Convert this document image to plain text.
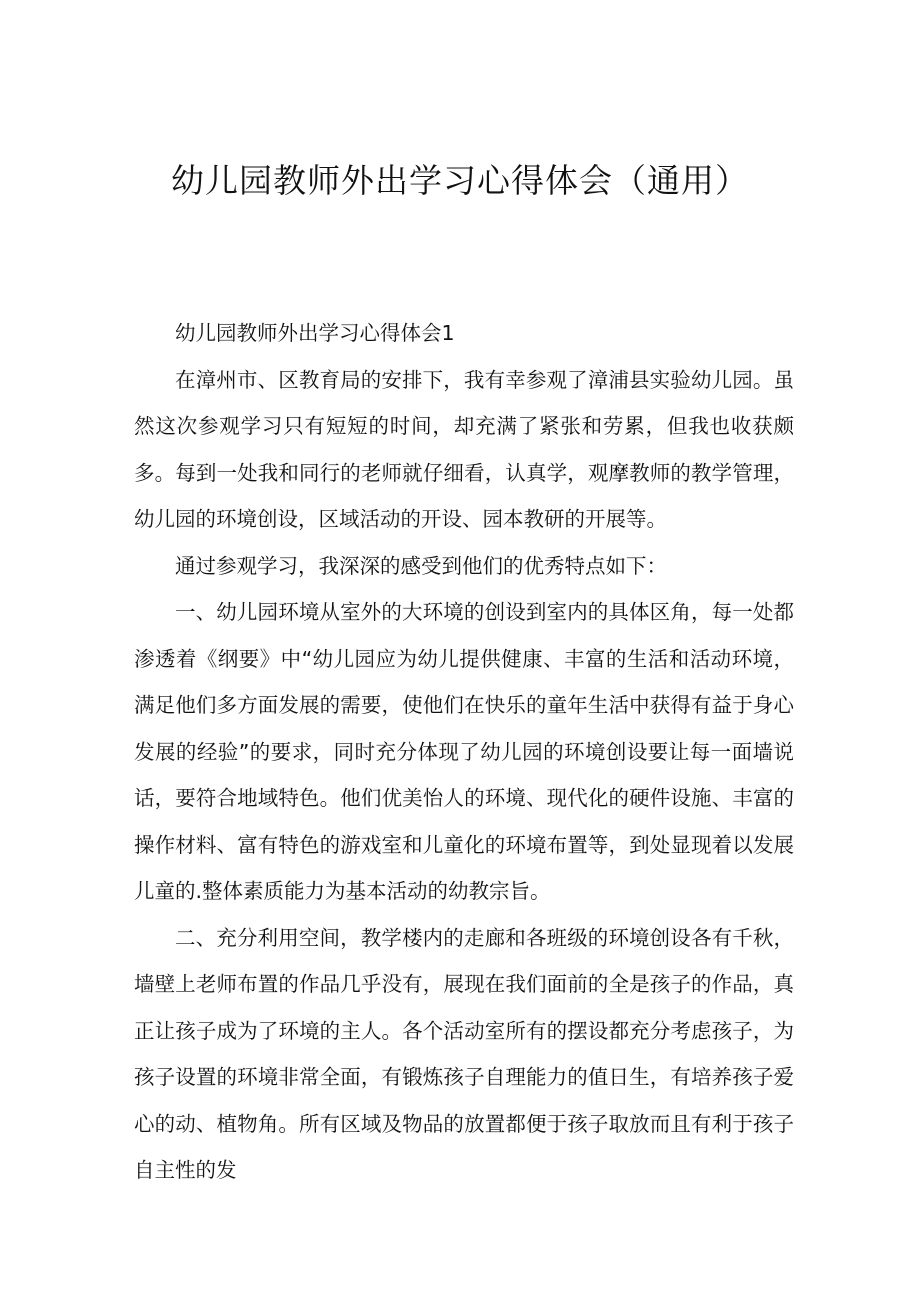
幼儿园教师外出学习心得体会（通用）

幼儿园教师外出学习心得体会1

在漳州市、区教育局的安排下，我有幸参观了漳浦县实验幼儿园。虽然这次参观学习只有短短的时间，却充满了紧张和劳累，但我也收获颇多。每到一处我和同行的老师就仔细看，认真学，观摩教师的教学管理，幼儿园的环境创设，区域活动的开设、园本教研的开展等。

通过参观学习，我深深的感受到他们的优秀特点如下：

一、幼儿园环境从室外的大环境的创设到室内的具体区角，每一处都渗透着《纲要》中“幼儿园应为幼儿提供健康、丰富的生活和活动环境，满足他们多方面发展的需要，使他们在快乐的童年生活中获得有益于身心发展的经验”的要求，同时充分体现了幼儿园的环境创设要让每一面墙说话，要符合地域特色。他们优美怡人的环境、现代化的硬件设施、丰富的操作材料、富有特色的游戏室和儿童化的环境布置等，到处显现着以发展儿童的.整体素质能力为基本活动的幼教宗旨。

二、充分利用空间，教学楼内的走廊和各班级的环境创设各有千秋，墙壁上老师布置的作品几乎没有，展现在我们面前的全是孩子的作品，真正让孩子成为了环境的主人。各个活动室所有的摆设都充分考虑孩子，为孩子设置的环境非常全面，有锻炼孩子自理能力的值日生，有培养孩子爱心的动、植物角。所有区域及物品的放置都便于孩子取放而且有利于孩子自主性的发
